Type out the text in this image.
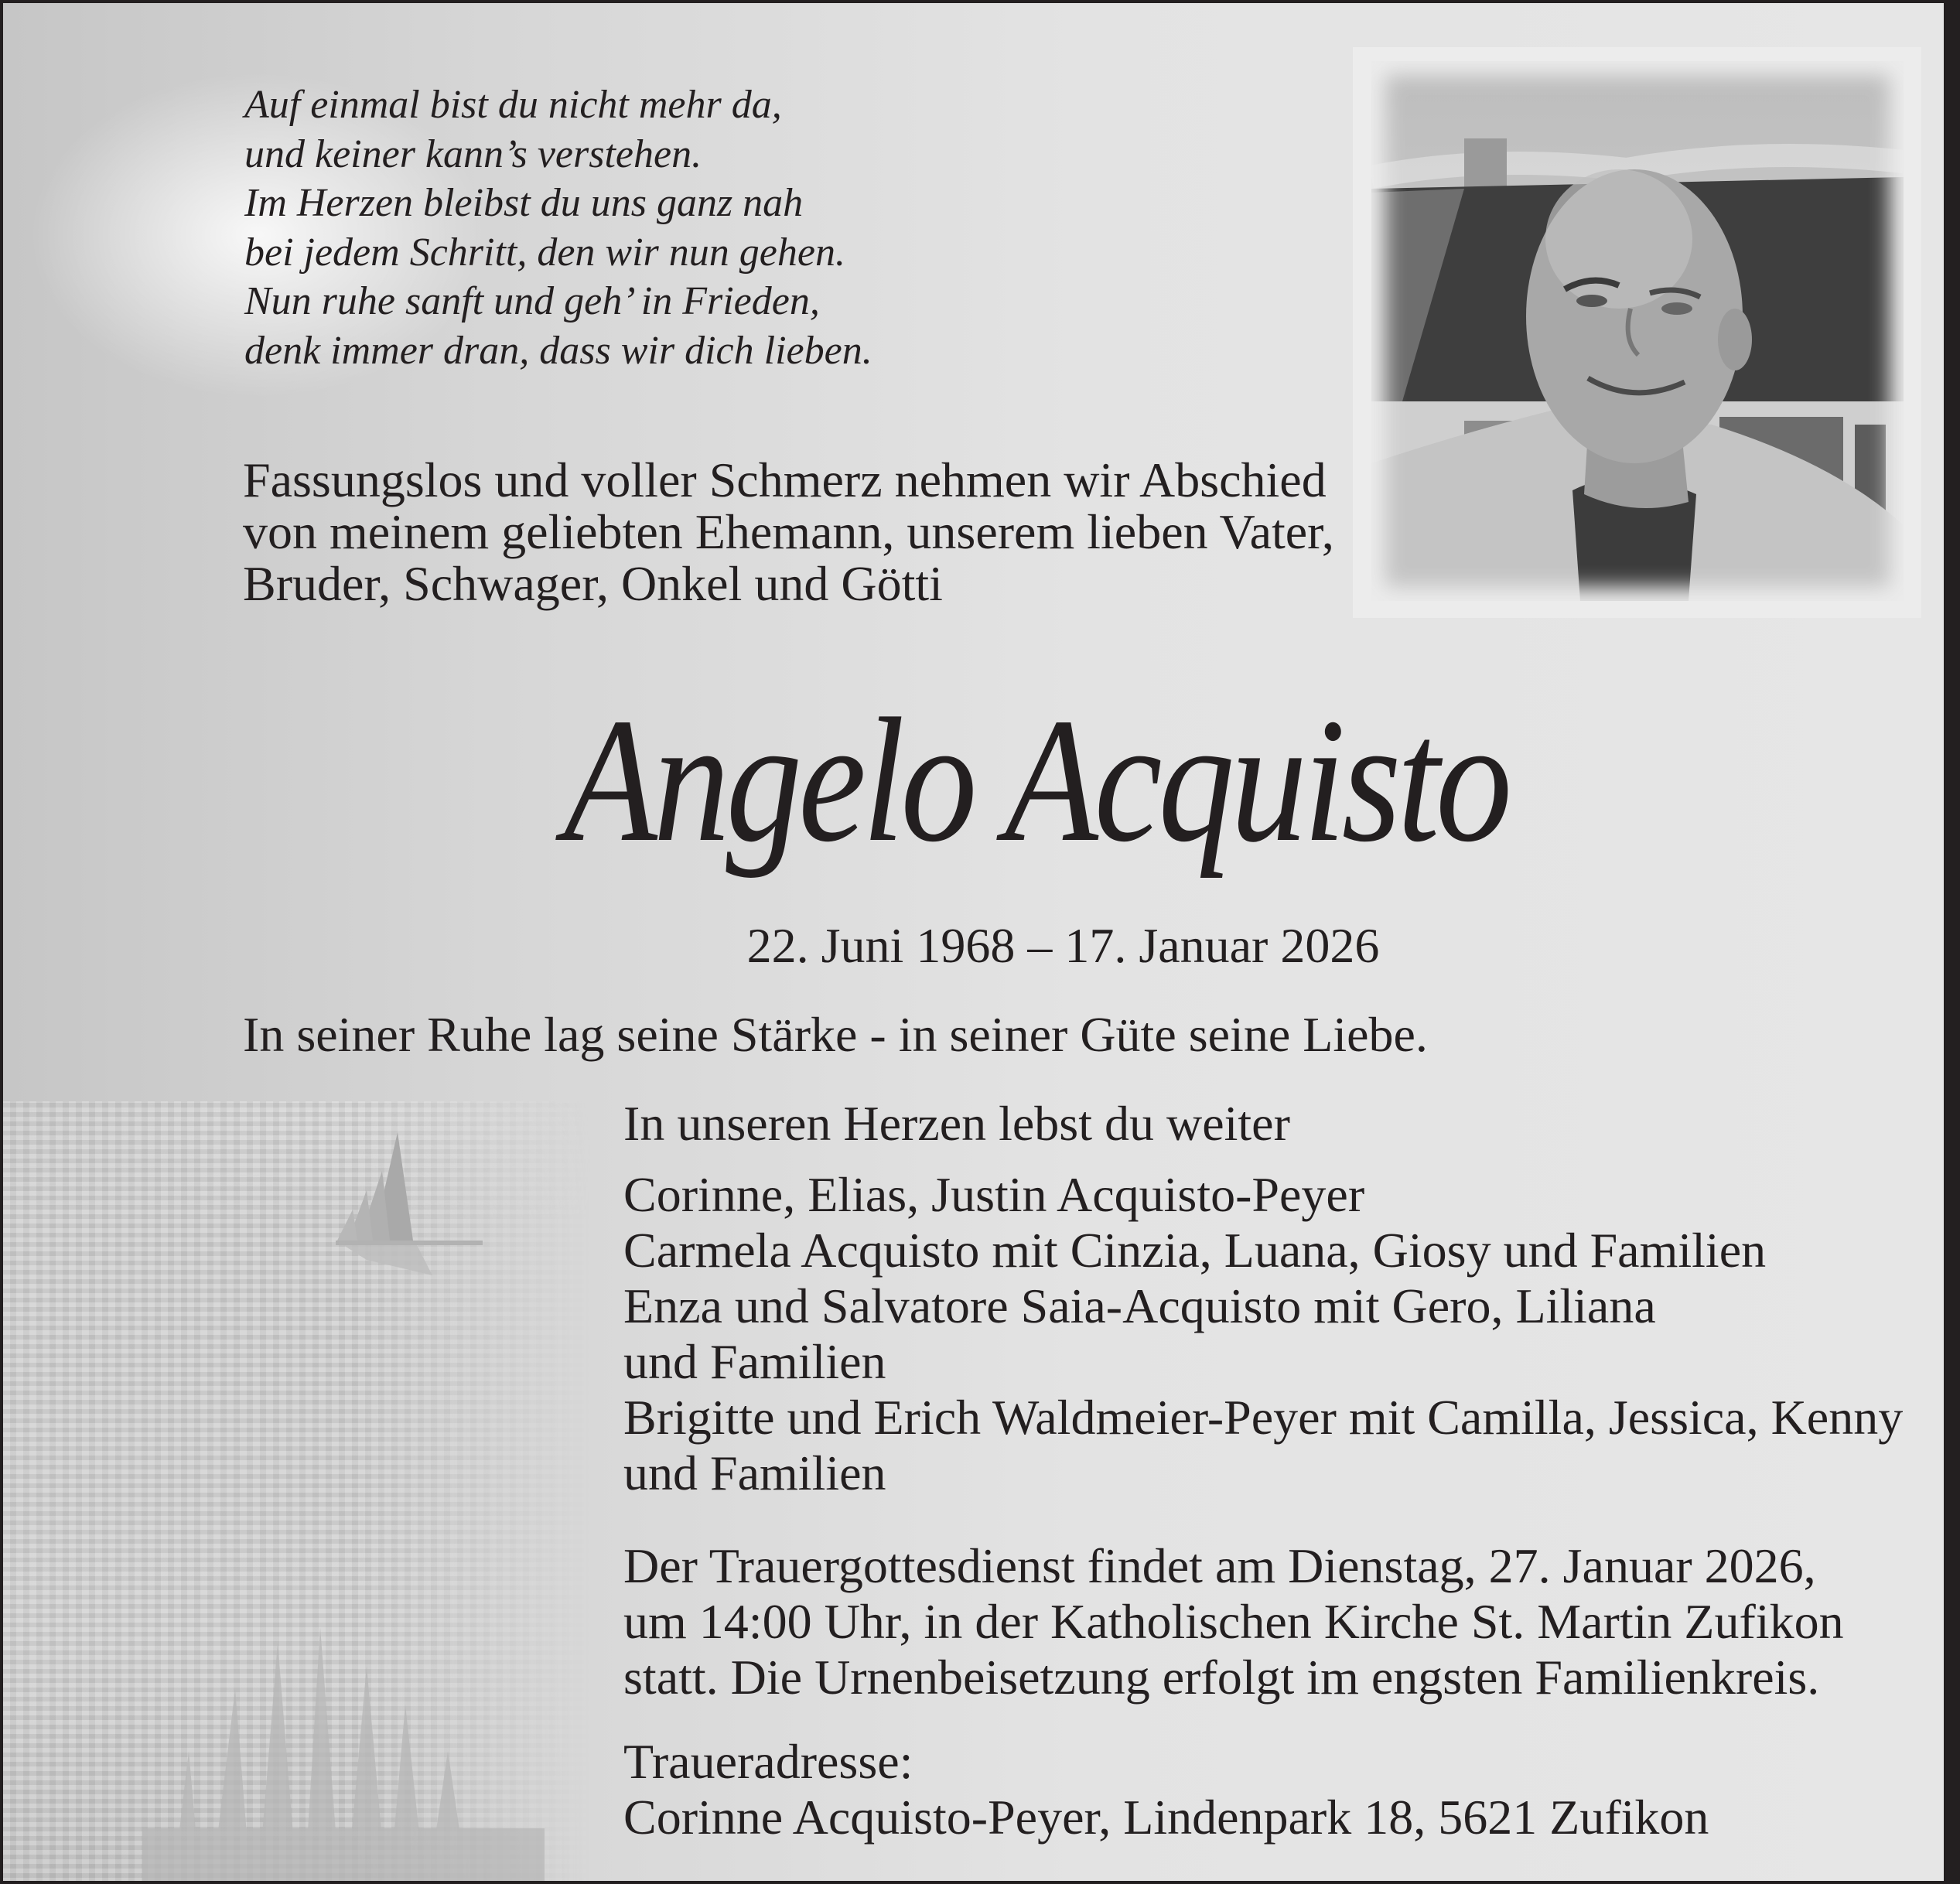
Auf einmal bist du nicht mehr da,
und keiner kann’s verstehen.
Im Herzen bleibst du uns ganz nah
bei jedem Schritt, den wir nun gehen.
Nun ruhe sanft und geh’ in Frieden,
denk immer dran, dass wir dich lieben.
Fassungslos und voller Schmerz nehmen wir Abschied
von meinem geliebten Ehemann, unserem lieben Vater,
Bruder, Schwager, Onkel und Götti
Angelo Acquisto
22. Juni 1968 – 17. Januar 2026
In seiner Ruhe lag seine Stärke - in seiner Güte seine Liebe.
In unseren Herzen lebst du weiter
Corinne, Elias, Justin Acquisto-Peyer
Carmela Acquisto mit Cinzia, Luana, Giosy und Familien
Enza und Salvatore Saia-Acquisto mit Gero, Liliana
und Familien
Brigitte und Erich Waldmeier-Peyer mit Camilla, Jessica, Kenny
und Familien
Der Trauergottesdienst findet am Dienstag, 27. Januar 2026,
um 14:00 Uhr, in der Katholischen Kirche St. Martin Zufikon
statt. Die Urnenbeisetzung erfolgt im engsten Familienkreis.
Traueradresse:
Corinne Acquisto-Peyer, Lindenpark 18, 5621 Zufikon
